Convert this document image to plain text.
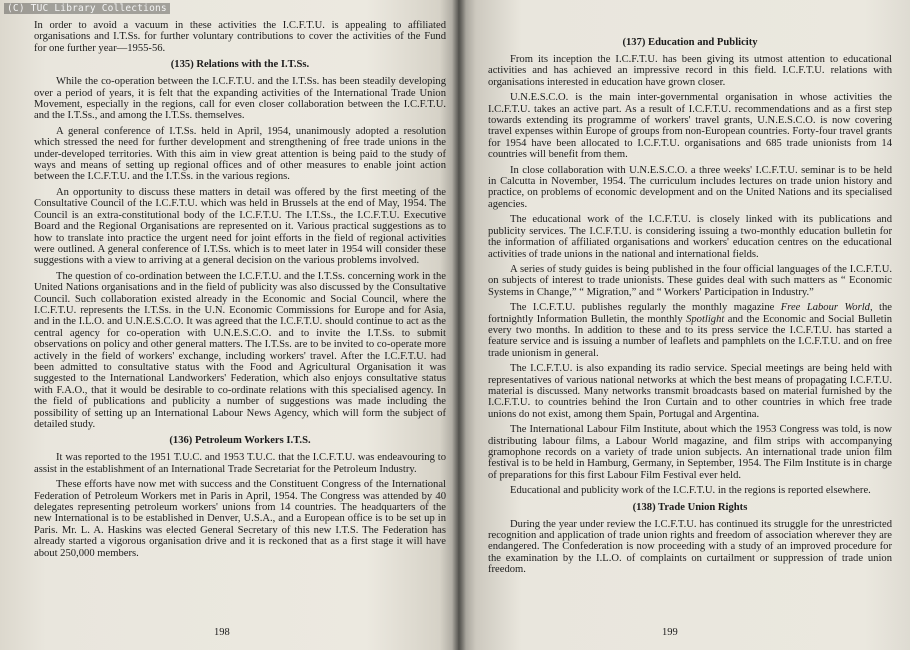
In order to avoid a vacuum in these activities the I.C.F.T.U. is appealing to affiliated organisations and I.T.Ss. for further voluntary contributions to cover the activities of the Fund for one further year—1955-56.

(135) Relations with the I.T.Ss.

While the co-operation between the I.C.F.T.U. and the I.T.Ss. has been steadily developing over a period of years, it is felt that the expanding activities of the International Trade Union Movement, especially in the regions, call for even closer collaboration between the I.C.F.T.U. and the I.T.Ss., and among the I.T.Ss. themselves.

A general conference of I.T.Ss. held in April, 1954, unanimously adopted a resolution which stressed the need for further development and strengthening of free trade unions in the under-developed territories. With this aim in view great attention is being paid to the study of ways and means of setting up regional offices and of other measures to enable joint action between the I.C.F.T.U. and the I.T.Ss. in the various regions.

An opportunity to discuss these matters in detail was offered by the first meeting of the Consultative Council of the I.C.F.T.U. which was held in Brussels at the end of May, 1954. The Council is an extra-constitutional body of the I.C.F.T.U. The I.T.Ss., the I.C.F.T.U. Executive Board and the Regional Organisations are represented on it. Various practical suggestions as to how to translate into practice the urgent need for joint efforts in the field of regional activities were outlined. A general conference of I.T.Ss. which is to meet later in 1954 will consider these suggestions with a view to arriving at a general decision on the various problems involved.

The question of co-ordination between the I.C.F.T.U. and the I.T.Ss. concerning work in the United Nations organisations and in the field of publicity was also discussed by the Consultative Council. Such collaboration existed already in the Economic and Social Council, where the I.C.F.T.U. represents the I.T.Ss. in the U.N. Economic Commissions for Europe and for Asia, and in the I.L.O. and U.N.E.S.C.O. It was agreed that the I.C.F.T.U. should continue to act as the central agency for co-operation with U.N.E.S.C.O. and to invite the I.T.Ss. to submit observations on policy and other general matters. The I.T.Ss. are to be invited to co-operate more actively in the field of workers' exchange, including workers' travel. After the I.C.F.T.U. had been admitted to consultative status with the Food and Agricultural Organisation it was suggested to the International Landworkers' Federation, which also enjoys consultative status with F.A.O., that it would be desirable to co-ordinate relations with this specialised agency. In the field of publications and publicity a number of suggestions was made including the possibility of setting up an International Labour News Agency, which will form the subject of detailed study.

(136) Petroleum Workers I.T.S.

It was reported to the 1951 T.U.C. and 1953 T.U.C. that the I.C.F.T.U. was endeavouring to assist in the establishment of an International Trade Secretariat for the Petroleum Industry.

These efforts have now met with success and the Constituent Congress of the International Federation of Petroleum Workers met in Paris in April, 1954. The Congress was attended by 40 delegates representing petroleum workers' unions from 14 countries. The headquarters of the new International is to be established in Denver, U.S.A., and a European office is to be set up in Paris. Mr. L. A. Haskins was elected General Secretary of this new I.T.S. The Federation has already started a vigorous organisation drive and it is reckoned that as a first stage it will have about 250,000 members.

198
(137) Education and Publicity

From its inception the I.C.F.T.U. has been giving its utmost attention to educational activities and has achieved an impressive record in this field. I.C.F.T.U. relations with organisations interested in education have grown closer.

U.N.E.S.C.O. is the main inter-governmental organisation in whose activities the I.C.F.T.U. takes an active part. As a result of I.C.F.T.U. recommendations and as a first step towards extending its programme of workers' travel grants, U.N.E.S.C.O. is now covering travel expenses within Europe of groups from non-European countries. Forty-four travel grants for 1954 have been allocated to I.C.F.T.U. organisations and 685 trade unionists from 14 countries will benefit from them.

In close collaboration with U.N.E.S.C.O. a three weeks' I.C.F.T.U. seminar is to be held in Calcutta in November, 1954. The curriculum includes lectures on trade union history and practice, on problems of economic development and on the United Nations and its specialised agencies.

The educational work of the I.C.F.T.U. is closely linked with its publications and publicity services. The I.C.F.T.U. is considering issuing a two-monthly education bulletin for the information of affiliated organisations and workers' education centres on the educational activities of trade unions in the national and international fields.

A series of study guides is being published in the four official languages of the I.C.F.T.U. on subjects of interest to trade unionists. These guides deal with such matters as “ Economic Systems in Change,” “ Migration,” and “ Workers' Participation in Industry.”

The I.C.F.T.U. publishes regularly the monthly magazine Free Labour World, the fortnightly Information Bulletin, the monthly Spotlight and the Economic and Social Bulletin every two months. In addition to these and to its press service the I.C.F.T.U. has started a feature service and is issuing a number of leaflets and pamphlets on the I.C.F.T.U. and on free trade unionism in general.

The I.C.F.T.U. is also expanding its radio service. Special meetings are being held with representatives of various national networks at which the best means of propagating I.C.F.T.U. material is discussed. Many networks transmit broadcasts based on material furnished by the I.C.F.T.U. to countries behind the Iron Curtain and to other countries in which free trade unions do not exist, among them Spain, Portugal and Argentina.

The International Labour Film Institute, about which the 1953 Congress was told, is now distributing labour films, a Labour World magazine, and film strips with accompanying gramophone records on a variety of trade union subjects. An international trade union film festival is to be held in Hamburg, Germany, in September, 1954. The Film Institute is in charge of preparations for this first Labour Film Festival ever held.

Educational and publicity work of the I.C.F.T.U. in the regions is reported elsewhere.

(138) Trade Union Rights

During the year under review the I.C.F.T.U. has continued its struggle for the unrestricted recognition and application of trade union rights and freedom of association wherever they are endangered. The Confederation is now proceeding with a study of an improved procedure for the examination by the I.L.O. of complaints on curtailment or suppression of trade union freedom.

199
(C) TUC Library Collections
